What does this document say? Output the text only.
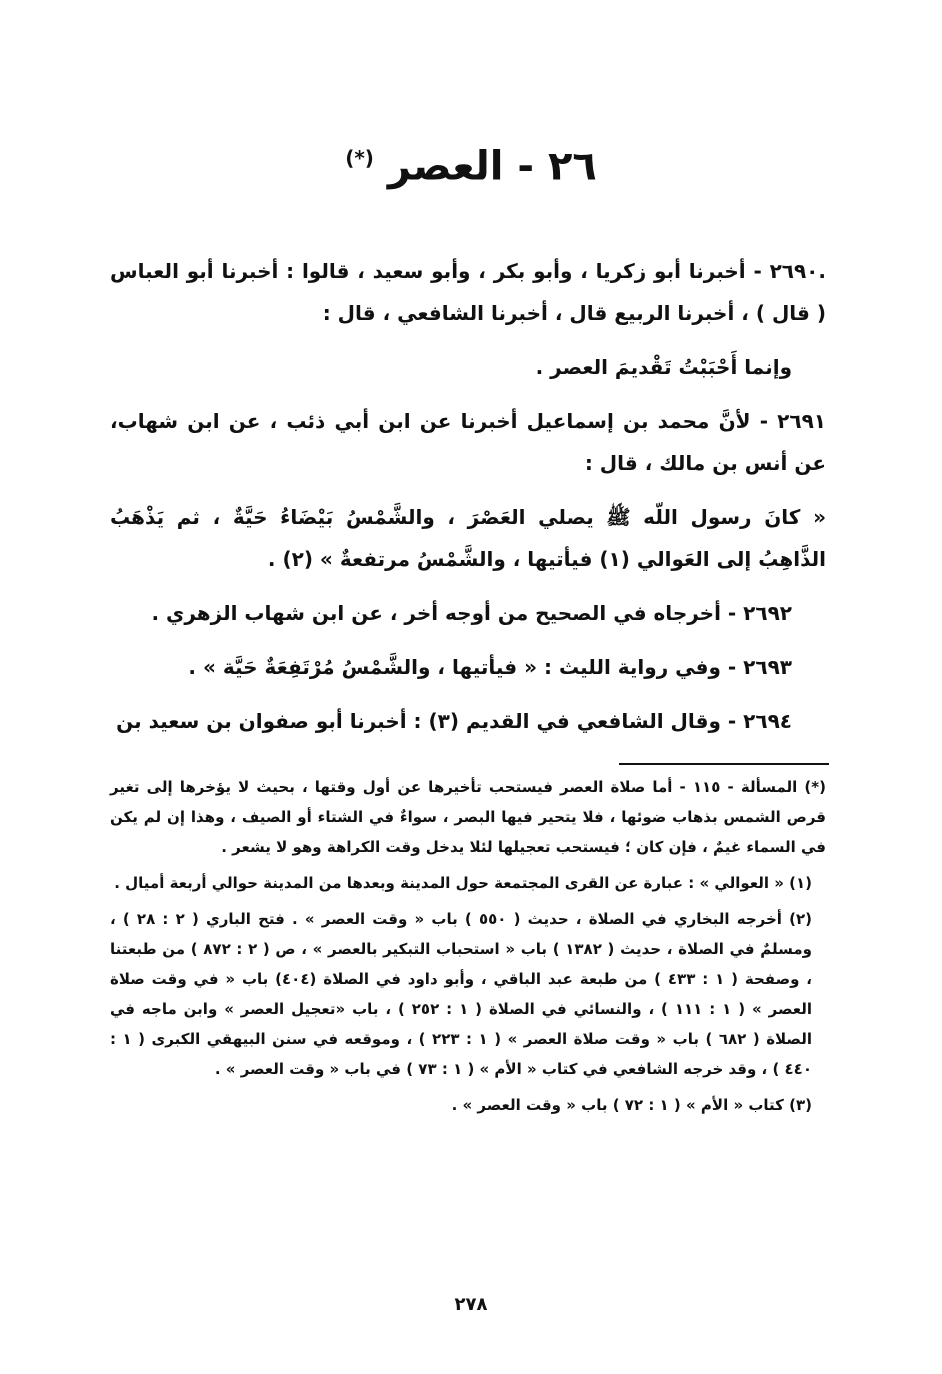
٢٦ - العصر (*)

.٢٦٩٠ - أخبرنا أبو زكريا ، وأبو بكر ، وأبو سعيد ، قالوا : أخبرنا أبو العباس ( قال ) ، أخبرنا الربيع قال ، أخبرنا الشافعي ، قال :

وإنما أَحْبَبْتُ تَقْديمَ العصر .

٢٦٩١ - لأنَّ محمد بن إسماعيل أخبرنا عن ابن أبي ذئب ، عن ابن شهاب، عن أنس بن مالك ، قال :

« كانَ رسول اللّه ﷺ يصلي العَصْرَ ، والشَّمْسُ بَيْضَاءُ حَيَّةٌ ، ثم يَذْهَبُ الذَّاهِبُ إلى العَوالي (١) فيأتيها ، والشَّمْسُ مرتفعةٌ » (٢) .

٢٦٩٢ - أخرجاه في الصحيح من أوجه أخر ، عن ابن شهاب الزهري .

٢٦٩٣ - وفي رواية الليث : « فيأتيها ، والشَّمْسُ مُرْتَفِعَةٌ حَيَّة » .

٢٦٩٤ - وقال الشافعي في القديم (٣) : أخبرنا أبو صفوان بن سعيد بن

(*) المسألة - ١١٥ - أما صلاة العصر فيستحب تأخيرها عن أول وقتها ، بحيث لا يؤخرها إلى تغير قرص الشمس بذهاب ضوئها ، فلا يتحير فيها البصر ، سواءٌ في الشتاء أو الصيف ، وهذا إن لم يكن في السماء غيمٌ ، فإن كان ؛ فيستحب تعجيلها لئلا يدخل وقت الكراهة وهو لا يشعر .

(١) « العوالي » : عبارة عن القرى المجتمعة حول المدينة وبعدها من المدينة حوالي أربعة أميال .

(٢) أخرجه البخاري في الصلاة ، حديث ( ٥٥٠ ) باب « وقت العصر » . فتح الباري ( ٢ : ٢٨ ) ، ومسلمٌ في الصلاة ، حديث ( ١٣٨٢ ) باب « استحباب التبكير بالعصر » ، ص ( ٢ : ٨٧٢ ) من طبعتنا ، وصفحة ( ١ : ٤٣٣ ) من طبعة عبد الباقي ، وأبو داود في الصلاة (٤٠٤) باب « في وقت صلاة العصر » ( ١ : ١١١ ) ، والنسائي في الصلاة ( ١ : ٢٥٢ ) ، باب «تعجيل العصر » وابن ماجه في الصلاة ( ٦٨٢ ) باب « وقت صلاة العصر » ( ١ : ٢٢٣ ) ، وموقعه في سنن البيهقي الكبرى ( ١ : ٤٤٠ ) ، وقد خرجه الشافعي في كتاب « الأم » ( ١ : ٧٣ ) في باب « وقت العصر » .

(٣) كتاب « الأم » ( ١ : ٧٢ ) باب « وقت العصر » .

٢٧٨
